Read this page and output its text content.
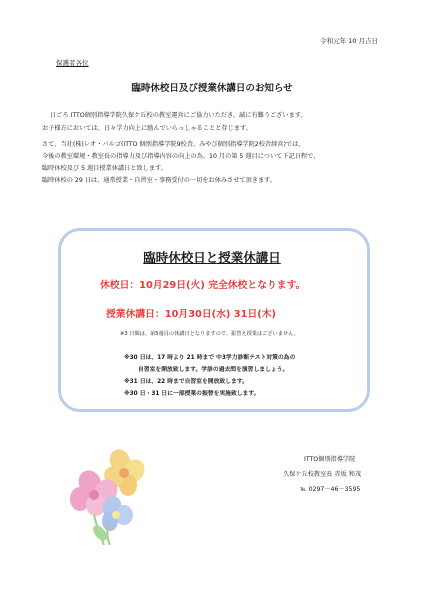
令和元年 10 月吉日
保護者各位
臨時休校日及び授業休講日のお知らせ
日ごろ ITTO個別指導学院久保ケ丘校の教室運営にご協力いただき、誠に有難うございます。
お子様方においては、日々学力向上に励んでいらっしゃることと存じます。
さて、当社(株)レオ・パルゴ(ITTO 個別指導学院9校舎、みやび個別指導学院2校舎経営)では、
今後の教室環境・教室長の指導力及び指導内容の向上の為、10 月の第 5 週目について下記日程で、
臨時休校及び 5 週目授業休講日と致します。
臨時休校の 29 日は、通常授業・自習室・事務受付の一切をお休みさせて頂きます。
臨時休校日と授業休講日
休校日：10月29日(火) 完全休校となります。
授業休講日：10月30日(水) 31日(木)
※3 日間は、第5週目の休講日となりますので、振替え授業はございません。
※30 日は、17 時より 21 時まで 中3学力診断テスト対策の為の
自習室を開放致します。学診の過去問を演習しましょう。
※31 日は、22 時まで自習室を開放致します。
※30 日・31 日に一部授業の振替を実施致します。
ITTO個別指導学院
久保ケ丘校教室長 赤坂 和茂
℡ 0297－46－3595
